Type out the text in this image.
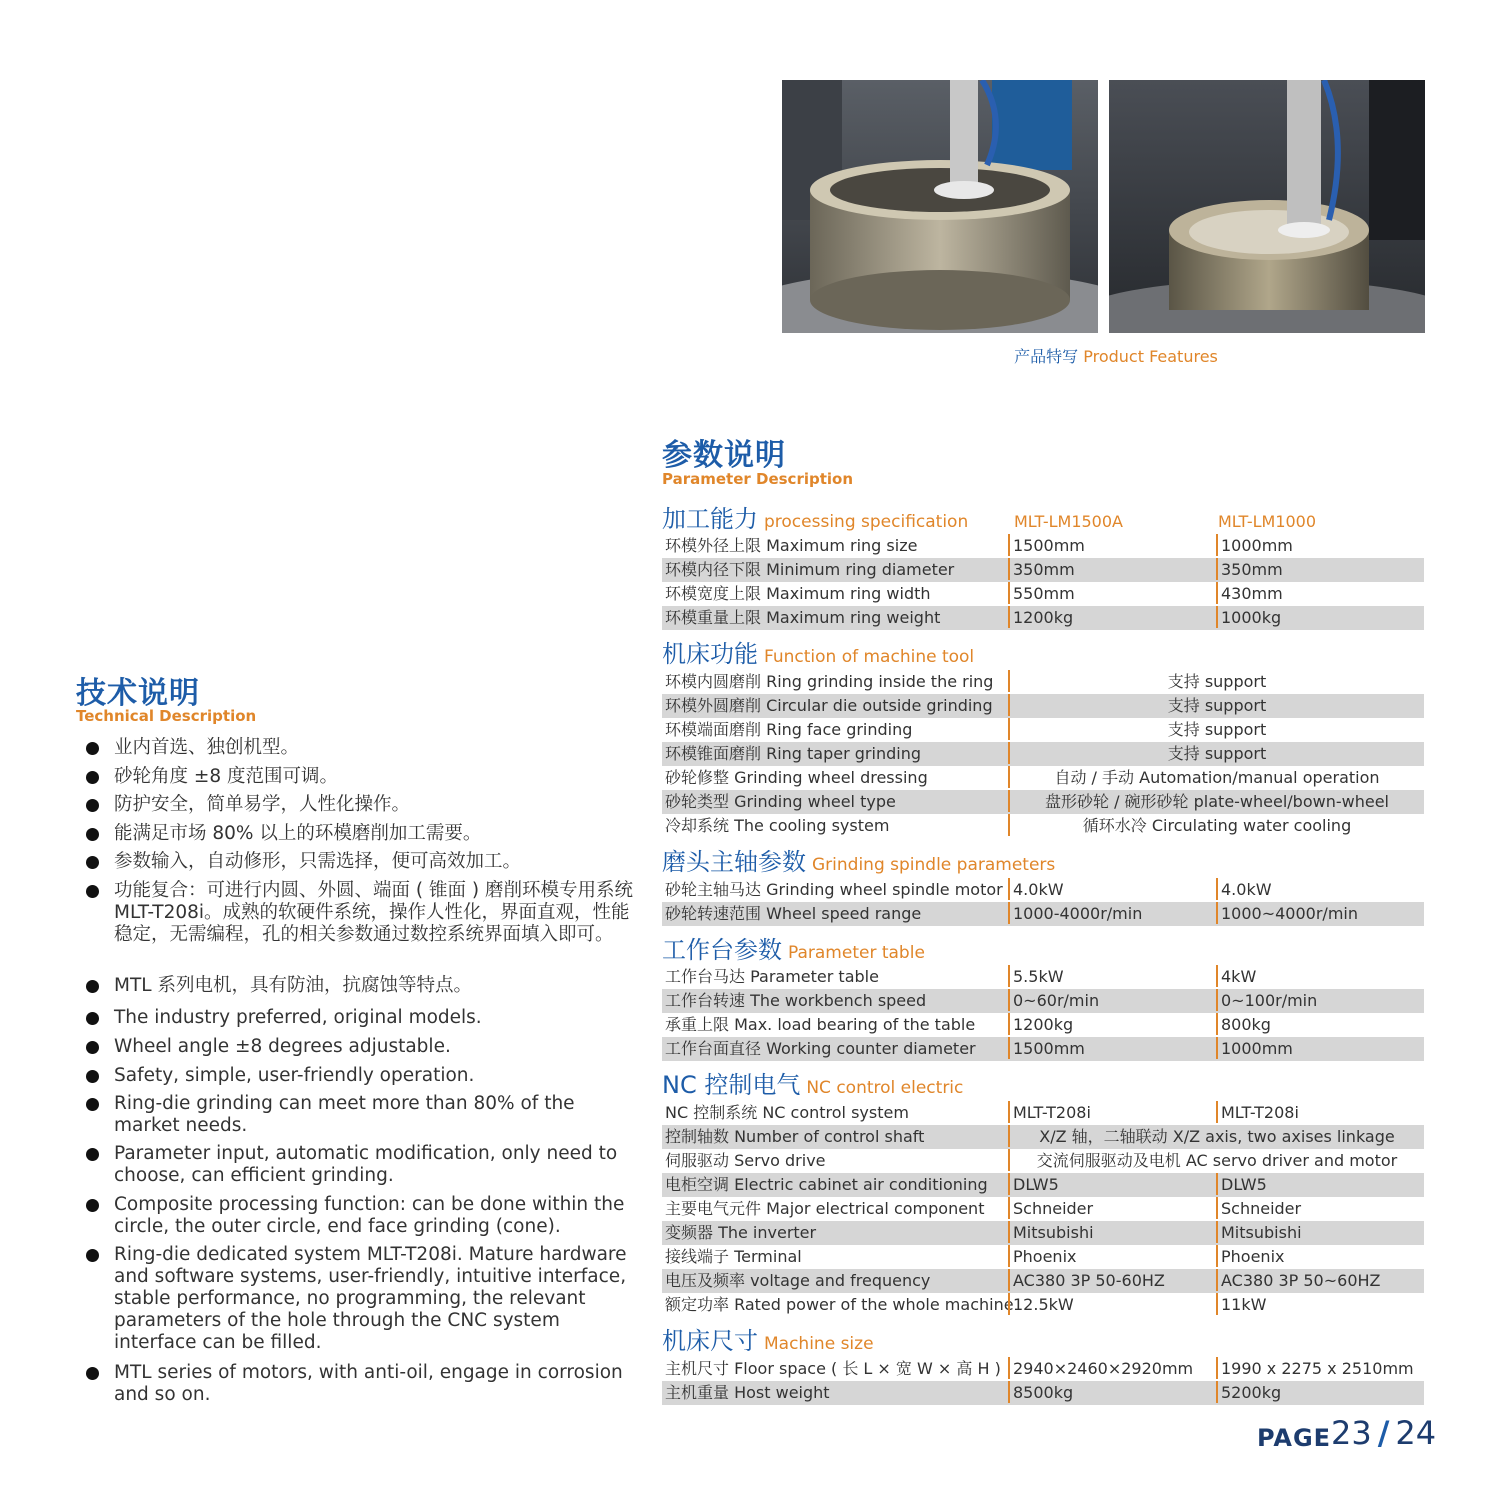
产品特写 Product Features
技术说明
Technical Description
业内首选、独创机型。
砂轮角度 ±8 度范围可调。
防护安全，简单易学，人性化操作。
能满足市场 80% 以上的环模磨削加工需要。
参数输入，自动修形，只需选择，便可高效加工。
功能复合：可进行内圆、外圆、端面 ( 锥面 ) 磨削环模专用系统 MLT-T208i。成熟的软硬件系统，操作人性化，界面直观，性能稳定，无需编程，孔的相关参数通过数控系统界面填入即可。
MTL 系列电机，具有防油，抗腐蚀等特点。
The industry preferred, original models.
Wheel angle ±8 degrees adjustable.
Safety, simple, user-friendly operation.
Ring-die grinding can meet more than 80% of the market needs.
Parameter input, automatic modification, only need to choose, can efficient grinding.
Composite processing function: can be done within the circle, the outer circle, end face grinding (cone).
Ring-die dedicated system MLT-T208i. Mature hardware and software systems, user-friendly, intuitive interface, stable performance, no programming, the relevant parameters of the hole through the CNC system interface can be filled.
MTL series of motors, with anti-oil, engage in corrosion and so on.
参数说明
Parameter Description
加工能力 processing specification	MLT-LM1500A	MLT-LM1000
环模外径上限 Maximum ring size	1500mm	1000mm
环模内径下限 Minimum ring diameter	350mm	350mm
环模宽度上限 Maximum ring width	550mm	430mm
环模重量上限 Maximum ring weight	1200kg	1000kg
机床功能 Function of machine tool
环模内圆磨削 Ring grinding inside the ring	支持 support
环模外圆磨削 Circular die outside grinding	支持 support
环模端面磨削 Ring face grinding	支持 support
环模锥面磨削 Ring taper grinding	支持 support
砂轮修整 Grinding wheel dressing	自动 / 手动 Automation/manual operation
砂轮类型 Grinding wheel type	盘形砂轮 / 碗形砂轮 plate-wheel/bown-wheel
冷却系统 The cooling system	循环水冷 Circulating water cooling
磨头主轴参数 Grinding spindle parameters
砂轮主轴马达 Grinding wheel spindle motor 4.0kW	4.0kW
砂轮转速范围 Wheel speed range	1000-4000r/min	1000~4000r/min
工作台参数 Parameter table
工作台马达 Parameter table	5.5kW	4kW
工作台转速 The workbench speed	0~60r/min	0~100r/min
承重上限 Max. load bearing of the table	1200kg	800kg
工作台面直径 Working counter diameter	1500mm	1000mm
NC 控制电气 NC control electric
NC 控制系统 NC control system	MLT-T208i	MLT-T208i
控制轴数 Number of control shaft	X/Z 轴，二轴联动 X/Z axis, two axises linkage
伺服驱动 Servo drive	交流伺服驱动及电机 AC servo driver and motor
电柜空调 Electric cabinet air conditioning	DLW5	DLW5
主要电气元件 Major electrical component	Schneider	Schneider
变频器 The inverter	Mitsubishi	Mitsubishi
接线端子 Terminal	Phoenix	Phoenix
电压及频率 voltage and frequency	AC380 3P 50-60HZ	AC380 3P 50~60HZ
额定功率 Rated power of the whole machine 12.5kW	11kW
机床尺寸 Machine size
主机尺寸 Floor space ( 长 L × 宽 W × 高 H ) 2940×2460×2920mm	1990 x 2275 x 2510mm
主机重量 Host weight	8500kg	5200kg
PAGE 23 / 24
